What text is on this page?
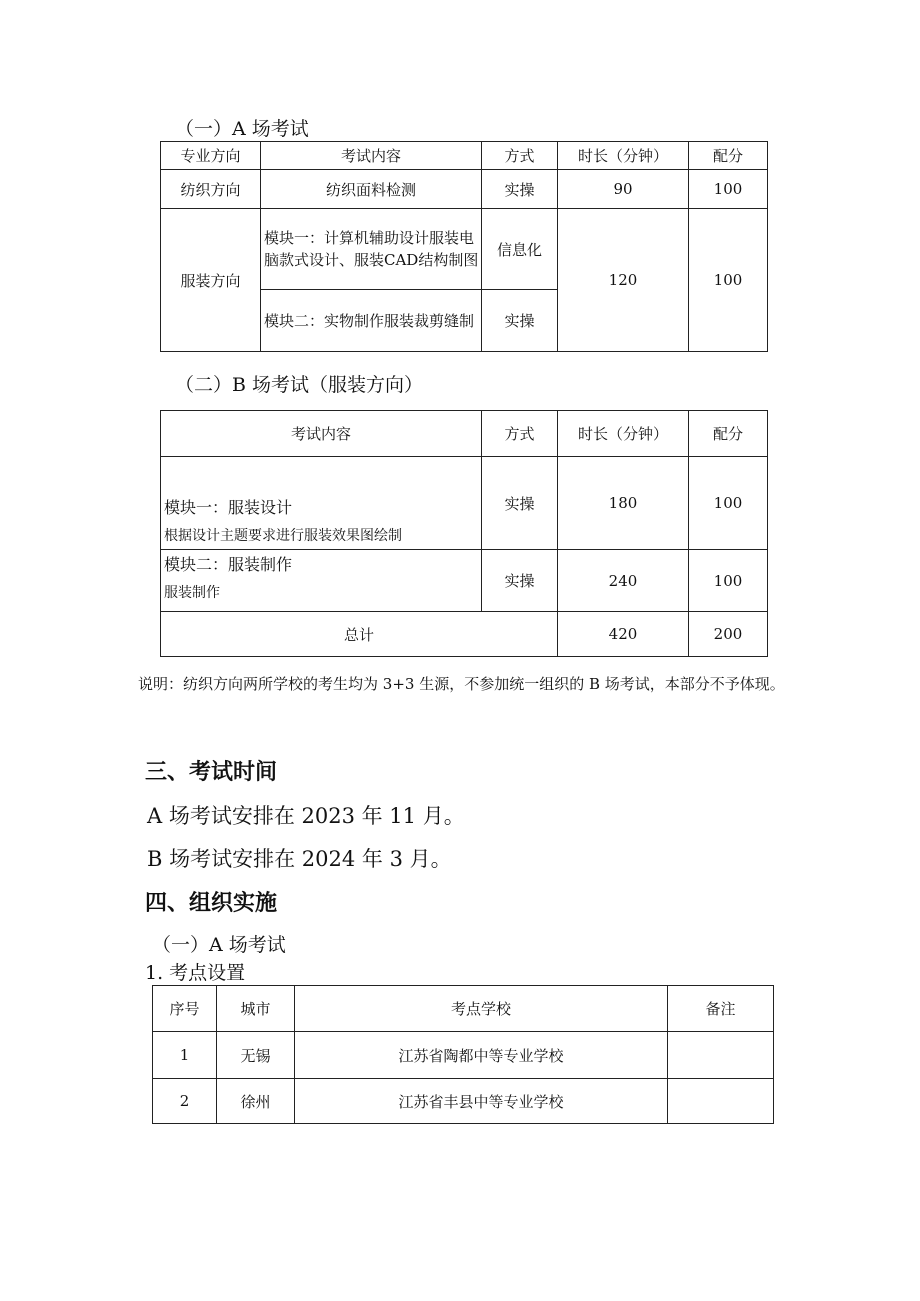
（一）A 场考试
专业方向	考试内容	方式	时长（分钟）	配分
纺织方向	纺织面料检测	实操	90	100
服装方向	模块一：计算机辅助设计服装电脑款式设计、服装CAD结构制图	信息化	120	100
	模块二：实物制作服装裁剪缝制	实操		
（二）B 场考试（服装方向）
考试内容	方式	时长（分钟）	配分

模块一：服装设计
根据设计主题要求进行服装效果图绘制	实操	180	100

模块二：服装制作
服装制作	实操	240	100
总计		420	200
说明：纺织方向两所学校的考生均为 3+3 生源，不参加统一组织的 B 场考试，本部分不予体现。
三、考试时间
A 场考试安排在 2023 年 11 月。
B 场考试安排在 2024 年 3 月。
四、组织实施
（一）A 场考试
1. 考点设置
序号	城市	考点学校	备注
1	无锡	江苏省陶都中等专业学校	
2	徐州	江苏省丰县中等专业学校	
